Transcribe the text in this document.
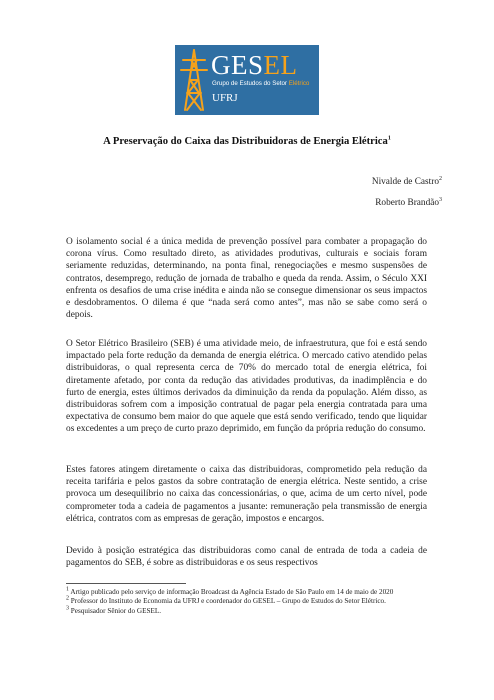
GESEL
Grupo de Estudos do Setor Elétrico
UFRJ
A Preservação do Caixa das Distribuidoras de Energia Elétrica$^1$
Nivalde de Castro$^2$
Roberto Brandão$^3$
O isolamento social é a única medida de prevenção possível para combater a propagação do corona vírus. Como resultado direto, as atividades produtivas, culturais e sociais foram seriamente reduzidas, determinando, na ponta final, renegociações e mesmo suspensões de contratos, desemprego, redução de jornada de trabalho e queda da renda. Assim, o Século XXI enfrenta os desafios de uma crise inédita e ainda não se consegue dimensionar os seus impactos e desdobramentos. O dilema é que “nada será como antes”, mas não se sabe como será o depois.
O Setor Elétrico Brasileiro (SEB) é uma atividade meio, de infraestrutura, que foi e está sendo impactado pela forte redução da demanda de energia elétrica. O mercado cativo atendido pelas distribuidoras, o qual representa cerca de 70% do mercado total de energia elétrica, foi diretamente afetado, por conta da redução das atividades produtivas, da inadimplência e do furto de energia, estes últimos derivados da diminuição da renda da população. Além disso, as distribuidoras sofrem com a imposição contratual de pagar pela energia contratada para uma expectativa de consumo bem maior do que aquele que está sendo verificado, tendo que liquidar os excedentes a um preço de curto prazo deprimido, em função da própria redução do consumo.
Estes fatores atingem diretamente o caixa das distribuidoras, comprometido pela redução da receita tarifária e pelos gastos da sobre contratação de energia elétrica. Neste sentido, a crise provoca um desequilíbrio no caixa das concessionárias, o que, acima de um certo nível, pode comprometer toda a cadeia de pagamentos a jusante: remuneração pela transmissão de energia elétrica, contratos com as empresas de geração, impostos e encargos.
Devido à posição estratégica das distribuidoras como canal de entrada de toda a cadeia de pagamentos do SEB, é sobre as distribuidoras e os seus respectivos

$^1$ Artigo publicado pelo serviço de informação Broadcast da Agência Estado de São Paulo em 14 de maio de 2020

$^2$ Professor do Instituto de Economia da UFRJ e coordenador do GESEL – Grupo de Estudos do Setor Elétrico.

$^3$ Pesquisador Sênior do GESEL.
